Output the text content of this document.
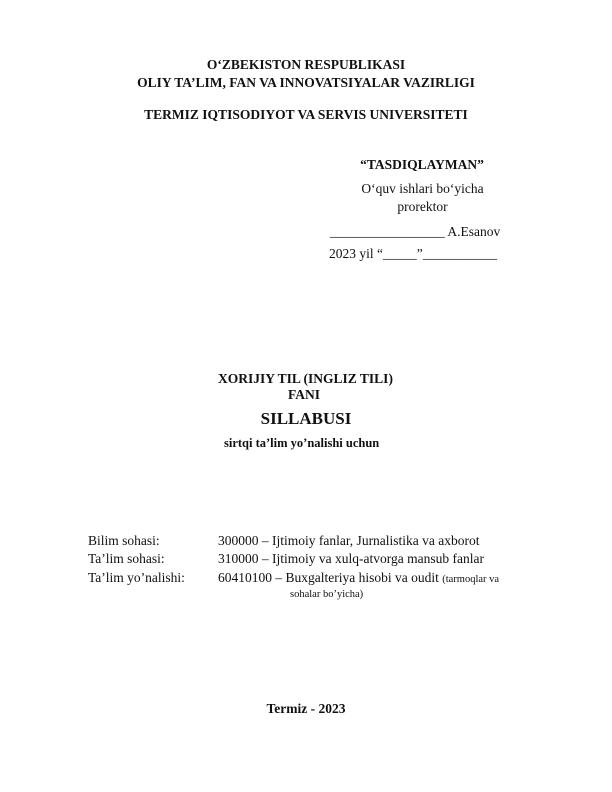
O‘ZBEKISTON RESPUBLIKASI
OLIY TA’LIM, FAN VA INNOVATSIYALAR VAZIRLIGI
TERMIZ IQTISODIYOT VA SERVIS UNIVERSITETI
“TASDIQLAYMAN”
O‘quv ishlari bo‘yicha
prorektor
_________________ A.Esanov
2023 yil “_____”___________
XORIJIY TIL (INGLIZ TILI)
FANI
SILLABUSI
sirtqi ta’lim yo’nalishi uchun
Bilim sohasi:	300000 – Ijtimoiy fanlar, Jurnalistika va axborot
Ta’lim sohasi:	310000 – Ijtimoiy va xulq-atvorga mansub fanlar
Ta’lim yo’nalishi: 60410100 – Buxgalteriya hisobi va oudit (tarmoqlar va
sohalar bo’yicha)
Termiz - 2023
